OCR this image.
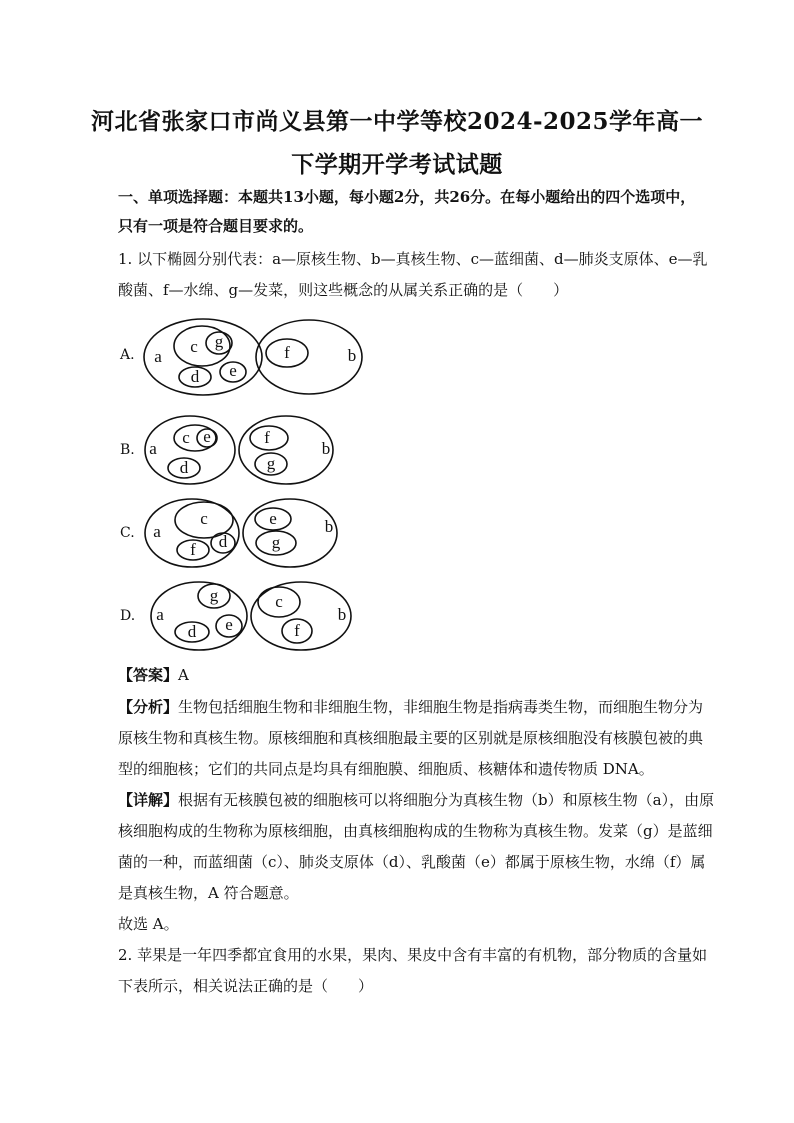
河北省张家口市尚义县第一中学等校2024-2025学年高一
下学期开学考试试题
一、单项选择题：本题共13小题，每小题2分，共26分。在每小题给出的四个选项中，
只有一项是符合题目要求的。
1. 以下椭圆分别代表：a—原核生物、b—真核生物、c—蓝细菌、d—肺炎支原体、e—乳
酸菌、f—水绵、g—发菜，则这些概念的从属关系正确的是（　　）
A. a
c g
d e
f	b
B. a
c e
d
f
g
b
C. a
c
f d
e
g
b
D. a
g
d e
c
f
b
【答案】A
【分析】生物包括细胞生物和非细胞生物，非细胞生物是指病毒类生物，而细胞生物分为
原核生物和真核生物。原核细胞和真核细胞最主要的区别就是原核细胞没有核膜包被的典
型的细胞核；它们的共同点是均具有细胞膜、细胞质、核糖体和遗传物质 DNA。
【详解】根据有无核膜包被的细胞核可以将细胞分为真核生物（b）和原核生物（a），由原
核细胞构成的生物称为原核细胞，由真核细胞构成的生物称为真核生物。发菜（g）是蓝细
菌的一种，而蓝细菌（c）、肺炎支原体（d）、乳酸菌（e）都属于原核生物，水绵（f）属
是真核生物，A 符合题意。
故选 A。
2. 苹果是一年四季都宜食用的水果，果肉、果皮中含有丰富的有机物，部分物质的含量如
下表所示，相关说法正确的是（　　）
